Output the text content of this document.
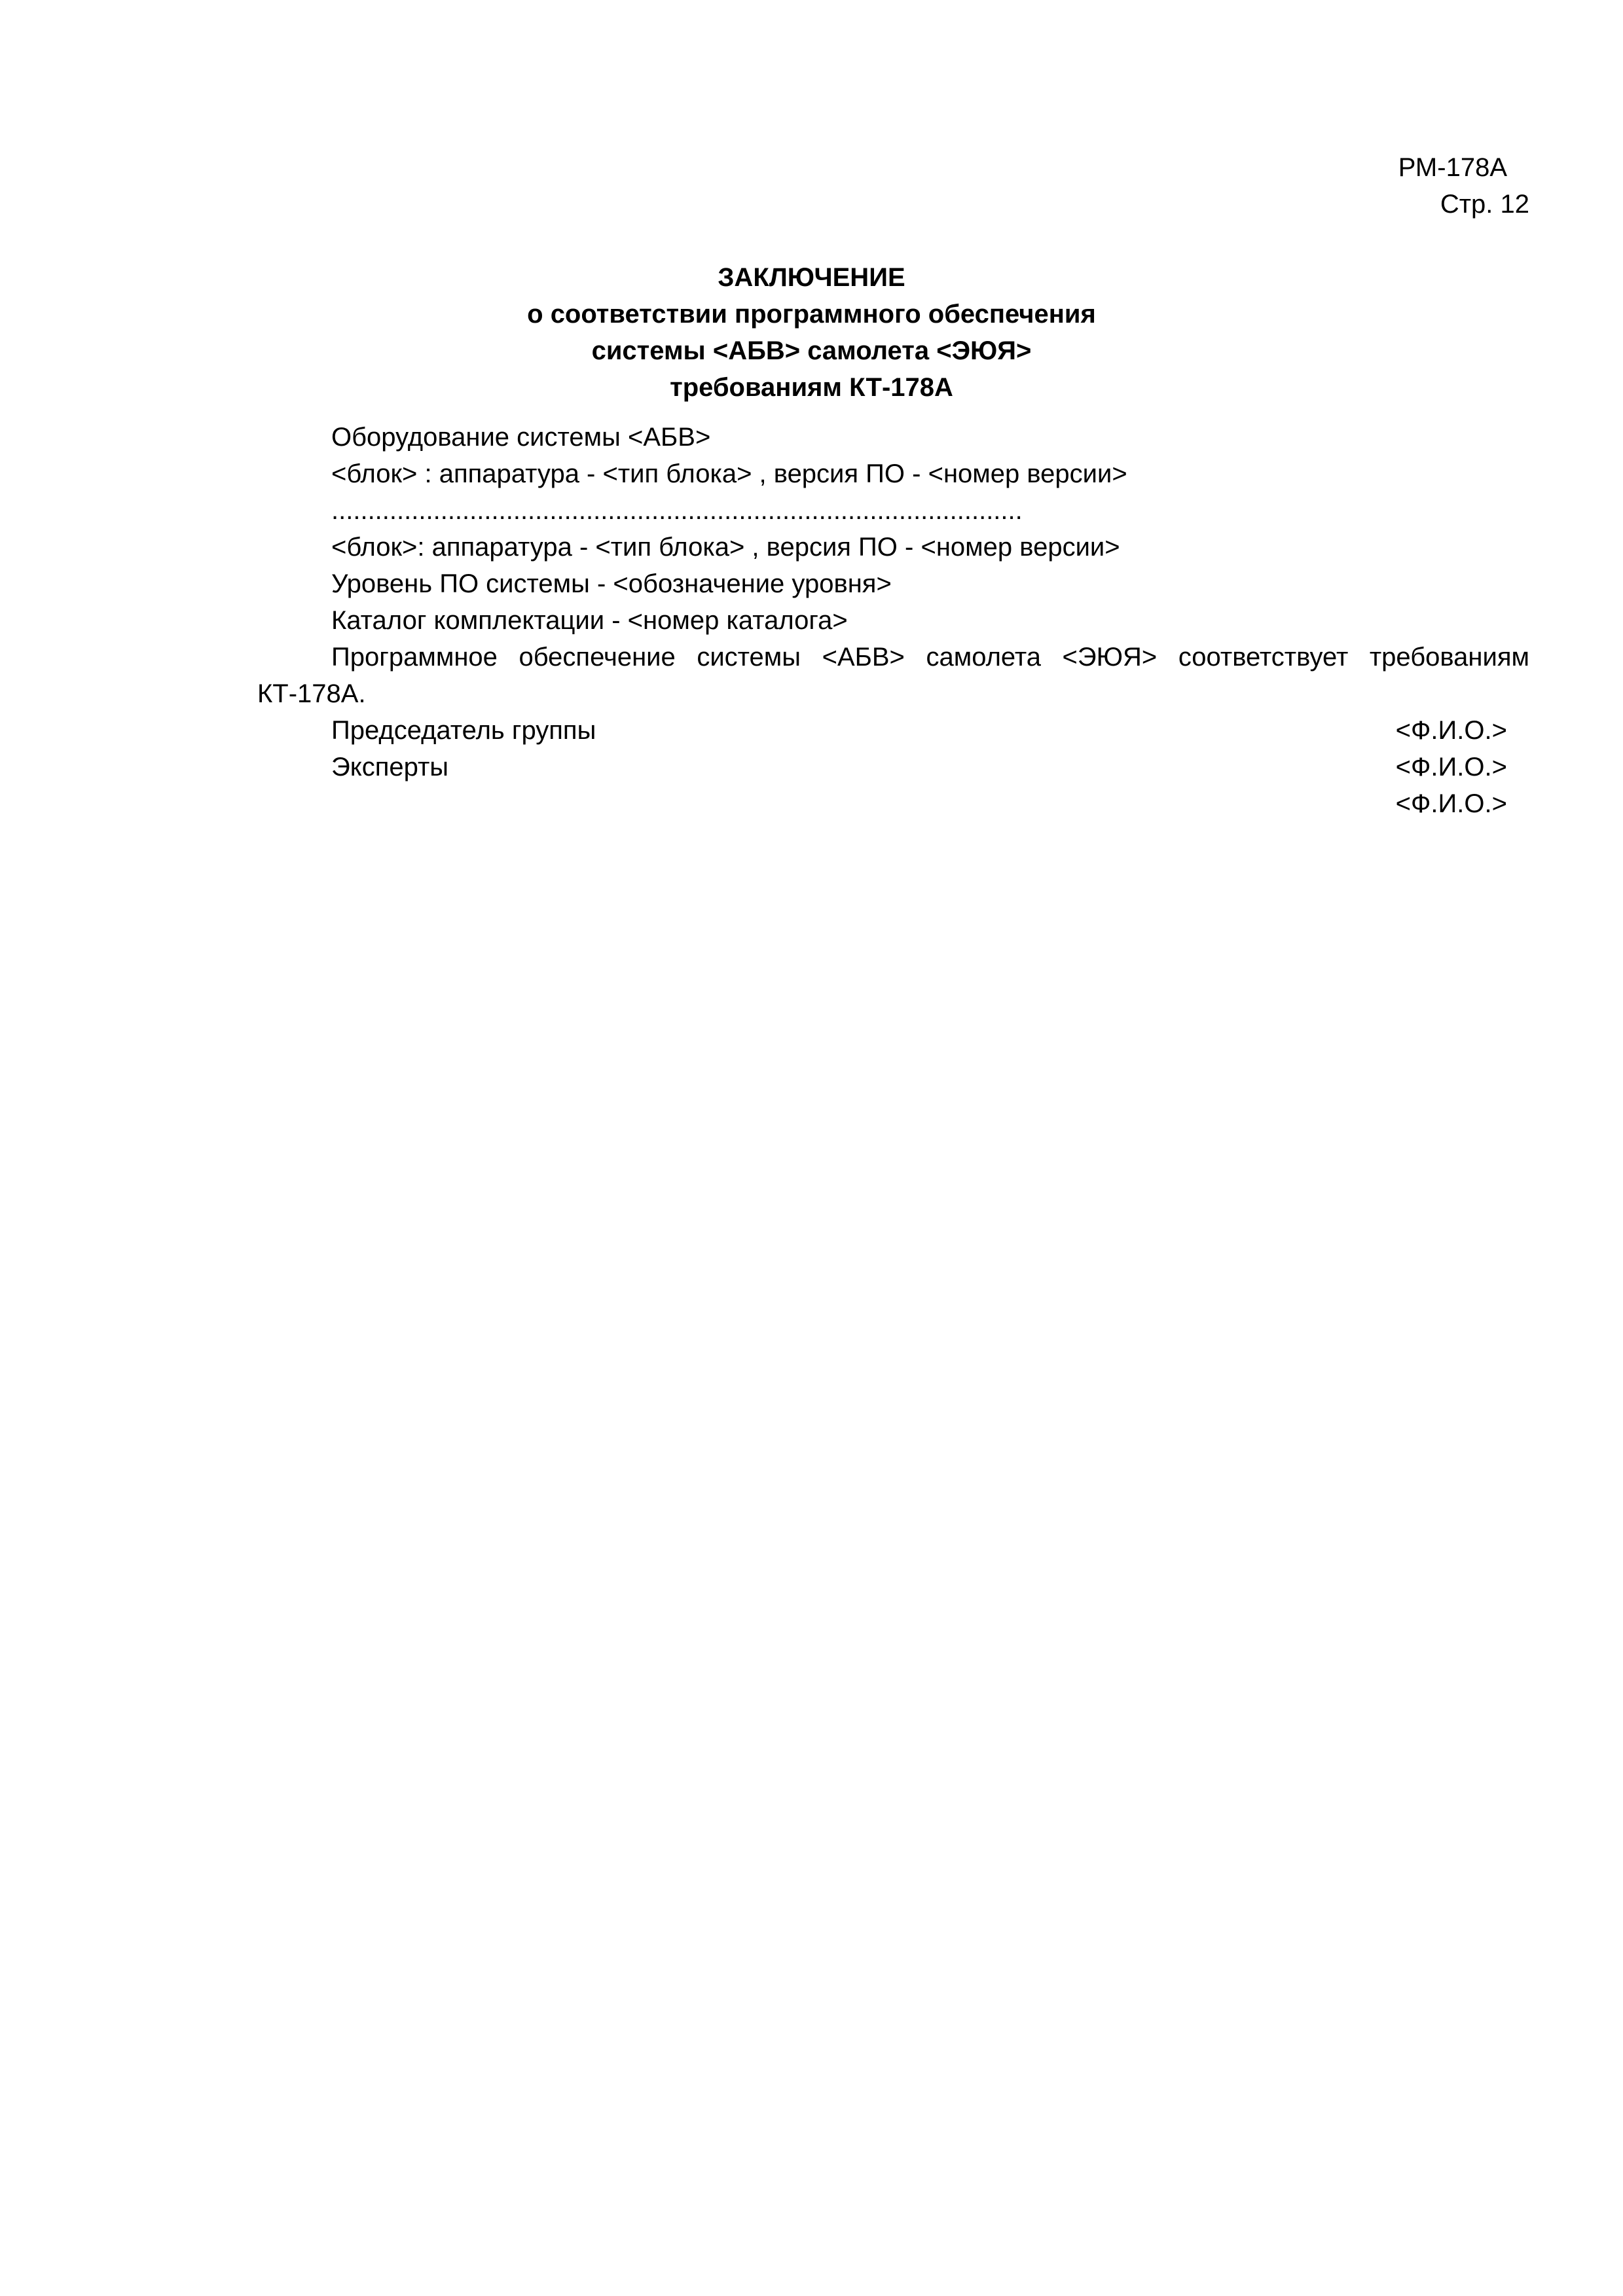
РМ-178А
Стр. 12
ЗАКЛЮЧЕНИЕ
о соответствии программного обеспечения
системы <АБВ> самолета <ЭЮЯ>
требованиям КТ-178А
Оборудование системы <АБВ>
<блок> : аппаратура - <тип блока> , версия ПО - <номер версии>
...............................................................................................
<блок>: аппаратура - <тип блока> , версия ПО - <номер версии>
Уровень ПО системы - <обозначение уровня>
Каталог комплектации - <номер каталога>
Программное обеспечение системы <АБВ> самолета <ЭЮЯ> соответствует требованиям КТ-178А.
Председатель группы	<Ф.И.О.>
Эксперты	<Ф.И.О.>
<Ф.И.О.>
